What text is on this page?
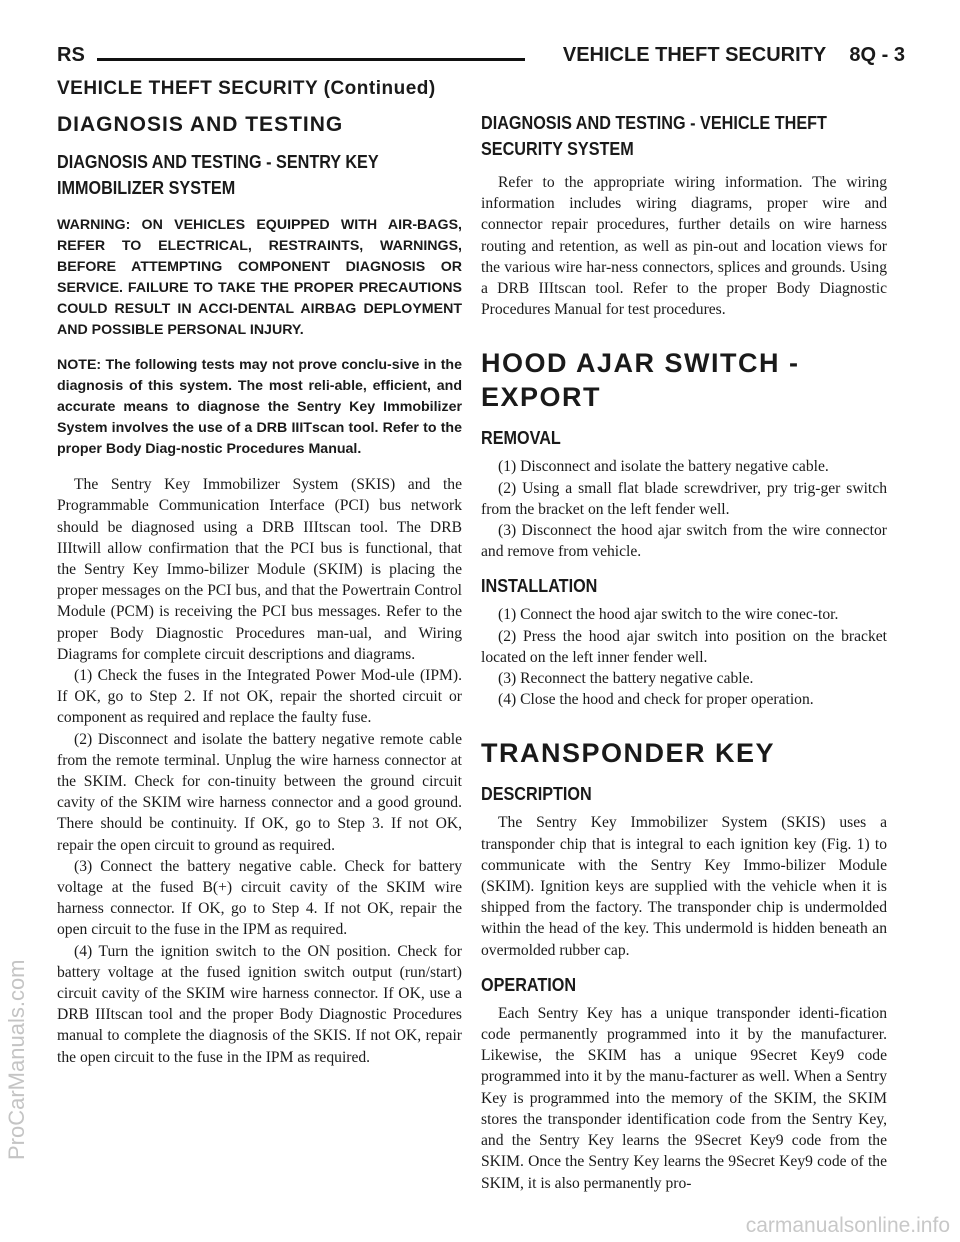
RS	VEHICLE THEFT SECURITY 8Q - 3
VEHICLE THEFT SECURITY (Continued)
DIAGNOSIS AND TESTING
DIAGNOSIS AND TESTING - SENTRY KEY IMMOBILIZER SYSTEM
WARNING: ON VEHICLES EQUIPPED WITH AIR-BAGS, REFER TO ELECTRICAL, RESTRAINTS, WARNINGS, BEFORE ATTEMPTING COMPONENT DIAGNOSIS OR SERVICE. FAILURE TO TAKE THE PROPER PRECAUTIONS COULD RESULT IN ACCI-DENTAL AIRBAG DEPLOYMENT AND POSSIBLE PERSONAL INJURY.
NOTE: The following tests may not prove conclu-sive in the diagnosis of this system. The most reli-able, efficient, and accurate means to diagnose the Sentry Key Immobilizer System involves the use of a DRB IIIТscan tool. Refer to the proper Body Diag-nostic Procedures Manual.

The Sentry Key Immobilizer System (SKIS) and the Programmable Communication Interface (PCI) bus network should be diagnosed using a DRB IIItscan tool. The DRB IIItwill allow confirmation that the PCI bus is functional, that the Sentry Key Immo-bilizer Module (SKIM) is placing the proper messages on the PCI bus, and that the Powertrain Control Module (PCM) is receiving the PCI bus messages. Refer to the proper Body Diagnostic Procedures man-ual, and Wiring Diagrams for complete circuit descriptions and diagrams.

(1) Check the fuses in the Integrated Power Mod-ule (IPM). If OK, go to Step 2. If not OK, repair the shorted circuit or component as required and replace the faulty fuse.

(2) Disconnect and isolate the battery negative remote cable from the remote terminal. Unplug the wire harness connector at the SKIM. Check for con-tinuity between the ground circuit cavity of the SKIM wire harness connector and a good ground. There should be continuity. If OK, go to Step 3. If not OK, repair the open circuit to ground as required.

(3) Connect the battery negative cable. Check for battery voltage at the fused B(+) circuit cavity of the SKIM wire harness connector. If OK, go to Step 4. If not OK, repair the open circuit to the fuse in the IPM as required.

(4) Turn the ignition switch to the ON position. Check for battery voltage at the fused ignition switch output (run/start) circuit cavity of the SKIM wire harness connector. If OK, use a DRB IIItscan tool and the proper Body Diagnostic Procedures manual to complete the diagnosis of the SKIS. If not OK, repair the open circuit to the fuse in the IPM as required.

DIAGNOSIS AND TESTING - VEHICLE THEFT SECURITY SYSTEM

Refer to the appropriate wiring information. The wiring information includes wiring diagrams, proper wire and connector repair procedures, further details on wire harness routing and retention, as well as pin-out and location views for the various wire har-ness connectors, splices and grounds. Using a DRB IIItscan tool. Refer to the proper Body Diagnostic Procedures Manual for test procedures.

HOOD AJAR SWITCH - EXPORT
REMOVAL

(1) Disconnect and isolate the battery negative cable.

(2) Using a small flat blade screwdriver, pry trig-ger switch from the bracket on the left fender well.

(3) Disconnect the hood ajar switch from the wire connector and remove from vehicle.

INSTALLATION

(1) Connect the hood ajar switch to the wire conec-tor.

(2) Press the hood ajar switch into position on the bracket located on the left inner fender well.

(3) Reconnect the battery negative cable.

(4) Close the hood and check for proper operation.

TRANSPONDER KEY
DESCRIPTION

The Sentry Key Immobilizer System (SKIS) uses a transponder chip that is integral to each ignition key (Fig. 1) to communicate with the Sentry Key Immo-bilizer Module (SKIM). Ignition keys are supplied with the vehicle when it is shipped from the factory. The transponder chip is undermolded within the head of the key. This undermold is hidden beneath an overmolded rubber cap.

OPERATION

Each Sentry Key has a unique transponder identi-fication code permanently programmed into it by the manufacturer. Likewise, the SKIM has a unique 9Secret Key9 code programmed into it by the manu-facturer as well. When a Sentry Key is programmed into the memory of the SKIM, the SKIM stores the transponder identification code from the Sentry Key, and the Sentry Key learns the 9Secret Key9 code from the SKIM. Once the Sentry Key learns the 9Secret Key9 code of the SKIM, it is also permanently pro-

ProCarManuals.com
carmanualsonline.info
